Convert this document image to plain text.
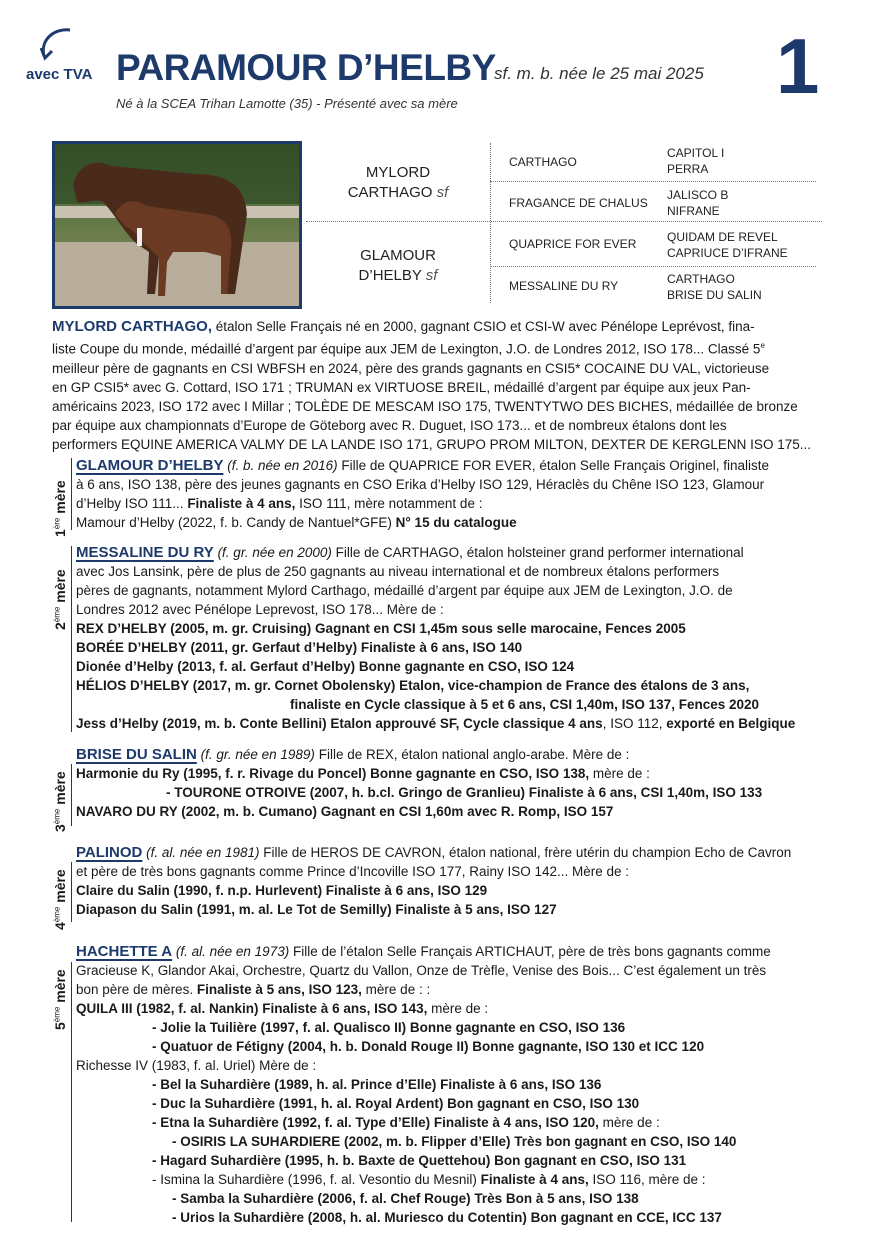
avec TVA PARAMOUR D’HELBY
sf. m. b. née le 25 mai 2025
Né à la SCEA Trihan Lamotte (35) - Présenté avec sa mère	1
MYLORD
CARTHAGO sf
GLAMOUR
D’HELBY sf
CARTHAGO
FRAGANCE DE CHALUS
QUAPRICE FOR EVER
MESSALINE DU RY
CAPITOL I
PERRA
JALISCO B
NIFRANE
QUIDAM DE REVEL
CAPRIUCE D’IFRANE
CARTHAGO
BRISE DU SALIN
MYLORD CARTHAGO, étalon Selle Français né en 2000, gagnant CSIO et CSI-W avec Pénélope Leprévost, fina-
liste Coupe du monde, médaillé d’argent par équipe aux JEM de Lexington, J.O. de Londres 2012, ISO 178... Classé 5e
meilleur père de gagnants en CSI WBFSH en 2024, père des grands gagnants en CSI5* COCAINE DU VAL, victorieuse
en GP CSI5* avec G. Cottard, ISO 171 ; TRUMAN ex VIRTUOSE BREIL, médaillé d’argent par équipe aux jeux Pan-
américains 2023, ISO 172 avec I Millar ; TOLÈDE DE MESCAM ISO 175, TWENTYTWO DES BICHES, médaillée de bronze
par équipe aux championnats d’Europe de Göteborg avec R. Duguet, ISO 173... et de nombreux étalons dont les
performers EQUINE AMERICA VALMY DE LA LANDE ISO 171, GRUPO PROM MILTON, DEXTER DE KERGLENN ISO 175...
1ère mère
GLAMOUR D’HELBY (f. b. née en 2016) Fille de QUAPRICE FOR EVER, étalon Selle Français Originel, finaliste
à 6 ans, ISO 138, père des jeunes gagnants en CSO Erika d’Helby ISO 129, Héraclès du Chêne ISO 123, Glamour
d’Helby ISO 111... Finaliste à 4 ans, ISO 111, mère notamment de :
Mamour d’Helby (2022, f. b. Candy de Nantuel*GFE) N° 15 du catalogue
2ème mère
MESSALINE DU RY (f. gr. née en 2000) Fille de CARTHAGO, étalon holsteiner grand performer international
avec Jos Lansink, père de plus de 250 gagnants au niveau international et de nombreux étalons performers
pères de gagnants, notamment Mylord Carthago, médaillé d’argent par équipe aux JEM de Lexington, J.O. de
Londres 2012 avec Pénélope Leprevost, ISO 178... Mère de :
REX D’HELBY (2005, m. gr. Cruising) Gagnant en CSI 1,45m sous selle marocaine, Fences 2005
BORÉE D’HELBY (2011, gr. Gerfaut d’Helby) Finaliste à 6 ans, ISO 140
Dionée d’Helby (2013, f. al. Gerfaut d’Helby) Bonne gagnante en CSO, ISO 124
HÉLIOS D’HELBY (2017, m. gr. Cornet Obolensky) Etalon, vice-champion de France des étalons de 3 ans,
finaliste en Cycle classique à 5 et 6 ans, CSI 1,40m, ISO 137, Fences 2020
Jess d’Helby (2019, m. b. Conte Bellini) Etalon approuvé SF, Cycle classique 4 ans, ISO 112, exporté en Belgique
3ème mère
BRISE DU SALIN (f. gr. née en 1989) Fille de REX, étalon national anglo-arabe. Mère de :
Harmonie du Ry (1995, f. r. Rivage du Poncel) Bonne gagnante en CSO, ISO 138, mère de :
- TOURONE OTROIVE (2007, h. b.cl. Gringo de Granlieu) Finaliste à 6 ans, CSI 1,40m, ISO 133
NAVARO DU RY (2002, m. b. Cumano) Gagnant en CSI 1,60m avec R. Romp, ISO 157
4ème mère
PALINOD (f. al. née en 1981) Fille de HEROS DE CAVRON, étalon national, frère utérin du champion Echo de Cavron
et père de très bons gagnants comme Prince d’Incoville ISO 177, Rainy ISO 142... Mère de :
Claire du Salin (1990, f. n.p. Hurlevent) Finaliste à 6 ans, ISO 129
Diapason du Salin (1991, m. al. Le Tot de Semilly) Finaliste à 5 ans, ISO 127
5ème mère
HACHETTE A (f. al. née en 1973) Fille de l’étalon Selle Français ARTICHAUT, père de très bons gagnants comme
Gracieuse K, Glandor Akai, Orchestre, Quartz du Vallon, Onze de Trèfle, Venise des Bois... C’est également un très
bon père de mères. Finaliste à 5 ans, ISO 123, mère de : :
QUILA III (1982, f. al. Nankin) Finaliste à 6 ans, ISO 143, mère de :
- Jolie la Tuilière (1997, f. al. Qualisco II) Bonne gagnante en CSO, ISO 136
- Quatuor de Fétigny (2004, h. b. Donald Rouge II) Bonne gagnante, ISO 130 et ICC 120
Richesse IV (1983, f. al. Uriel) Mère de :
- Bel la Suhardière (1989, h. al. Prince d’Elle) Finaliste à 6 ans, ISO 136
- Duc la Suhardière (1991, h. al. Royal Ardent) Bon gagnant en CSO, ISO 130
- Etna la Suhardière (1992, f. al. Type d’Elle) Finaliste à 4 ans, ISO 120, mère de :
- OSIRIS LA SUHARDIERE (2002, m. b. Flipper d’Elle) Très bon gagnant en CSO, ISO 140
- Hagard Suhardière (1995, h. b. Baxte de Quettehou) Bon gagnant en CSO, ISO 131
- Ismina la Suhardière (1996, f. al. Vesontio du Mesnil) Finaliste à 4 ans, ISO 116, mère de :
- Samba la Suhardière (2006, f. al. Chef Rouge) Très Bon à 5 ans, ISO 138
- Urios la Suhardière (2008, h. al. Muriesco du Cotentin) Bon gagnant en CCE, ICC 137
